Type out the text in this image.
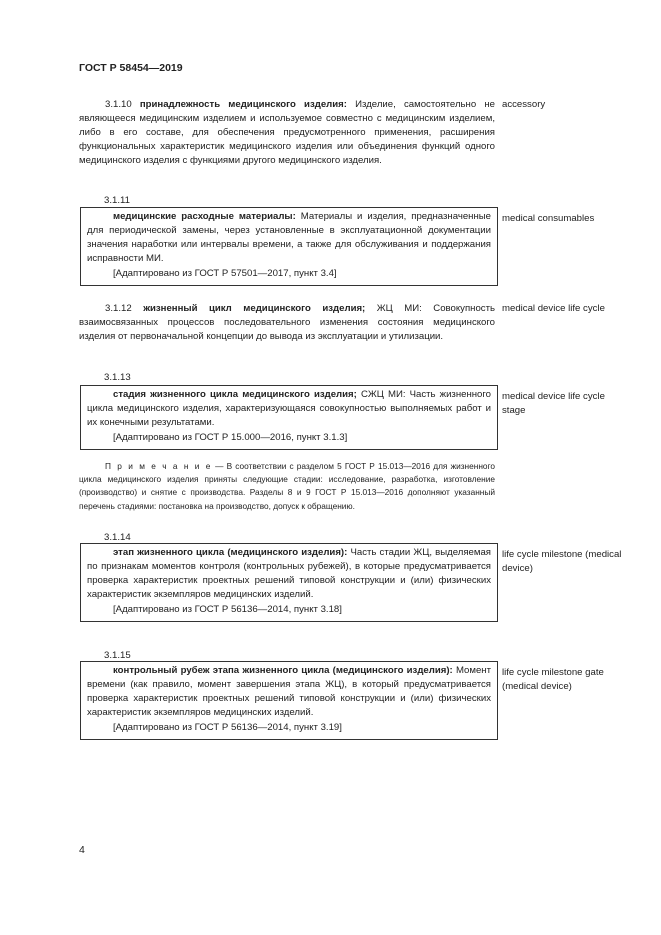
ГОСТ Р 58454—2019
3.1.10 принадлежность медицинского изделия: Изделие, самостоятельно не являющееся медицинским изделием и используемое совместно с медицинским изделием, либо в его составе, для обеспечения предусмотренного применения, расширения функциональных характеристик медицинского изделия или объединения функций одного медицинского изделия с функциями другого медицинского изделия.
accessory
3.1.11
медицинские расходные материалы: Материалы и изделия, предназначенные для периодической замены, через установленные в эксплуатационной документации значения наработки или интервалы времени, а также для обслуживания и поддержания исправности МИ.
[Адаптировано из ГОСТ Р 57501—2017, пункт 3.4]
medical consumables
3.1.12 жизненный цикл медицинского изделия; ЖЦ МИ: Совокупность взаимосвязанных процессов последовательного изменения состояния медицинского изделия от первоначальной концепции до вывода из эксплуатации и утилизации.
medical device life cycle
3.1.13
стадия жизненного цикла медицинского изделия; СЖЦ МИ: Часть жизненного цикла медицинского изделия, характеризующаяся совокупностью выполняемых работ и их конечными результатами.
[Адаптировано из ГОСТ Р 15.000—2016, пункт 3.1.3]
medical device life cycle stage
П р и м е ч а н и е — В соответствии с разделом 5 ГОСТ Р 15.013—2016 для жизненного цикла медицинского изделия приняты следующие стадии: исследование, разработка, изготовление (производство) и снятие с производства. Разделы 8 и 9 ГОСТ Р 15.013—2016 дополняют указанный перечень стадиями: постановка на производство, допуск к обращению.
3.1.14
этап жизненного цикла (медицинского изделия): Часть стадии ЖЦ, выделяемая по признакам моментов контроля (контрольных рубежей), в которые предусматривается проверка характеристик проектных решений типовой конструкции и (или) физических характеристик экземпляров медицинских изделий.
[Адаптировано из ГОСТ Р 56136—2014, пункт 3.18]
life cycle milestone (medical device)
3.1.15
контрольный рубеж этапа жизненного цикла (медицинского изделия): Момент времени (как правило, момент завершения этапа ЖЦ), в который предусматривается проверка характеристик проектных решений типовой конструкции и (или) физических характеристик экземпляров медицинских изделий.
[Адаптировано из ГОСТ Р 56136—2014, пункт 3.19]
life cycle milestone gate (medical device)
4
